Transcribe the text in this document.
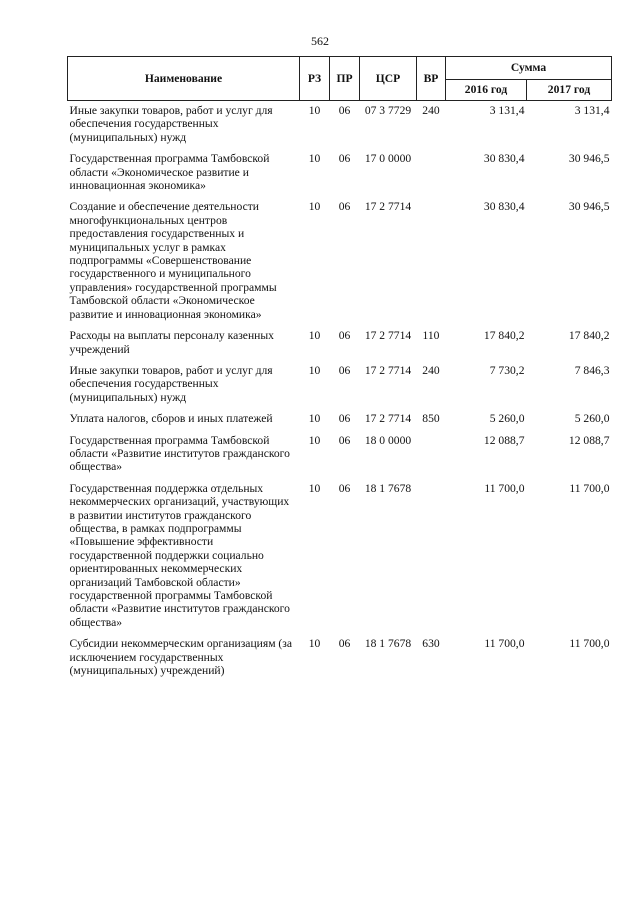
562
Наименование	РЗ	ПР	ЦСР	ВР	Сумма	
					2016 год	2017 год
Иные закупки товаров, работ и услуг для обеспечения государственных (муниципальных) нужд	10	06	07 3 7729	240	3 131,4	3 131,4
Государственная программа Тамбовской области «Экономическое развитие и инновационная экономика»	10	06	17 0 0000		30 830,4	30 946,5
Создание и обеспечение деятельности многофункциональных центров предоставления государственных и муниципальных услуг в рамках подпрограммы «Совершенствование государственного и муниципального управления» государственной программы Тамбовской области «Экономическое развитие и инновационная экономика»	10	06	17 2 7714		30 830,4	30 946,5
Расходы на выплаты персоналу казенных учреждений	10	06	17 2 7714	110	17 840,2	17 840,2
Иные закупки товаров, работ и услуг для обеспечения государственных (муниципальных) нужд	10	06	17 2 7714	240	7 730,2	7 846,3
Уплата налогов, сборов и иных платежей	10	06	17 2 7714	850	5 260,0	5 260,0
Государственная программа Тамбовской области «Развитие институтов гражданского общества»	10	06	18 0 0000		12 088,7	12 088,7
Государственная поддержка отдельных некоммерческих организаций, участвующих в развитии институтов гражданского общества, в рамках подпрограммы «Повышение эффективности государственной поддержки социально ориентированных некоммерческих организаций Тамбовской области» государственной программы Тамбовской области «Развитие институтов гражданского общества»	10	06	18 1 7678		11 700,0	11 700,0
Субсидии некоммерческим организациям (за исключением государственных (муниципальных) учреждений)	10	06	18 1 7678	630	11 700,0	11 700,0
